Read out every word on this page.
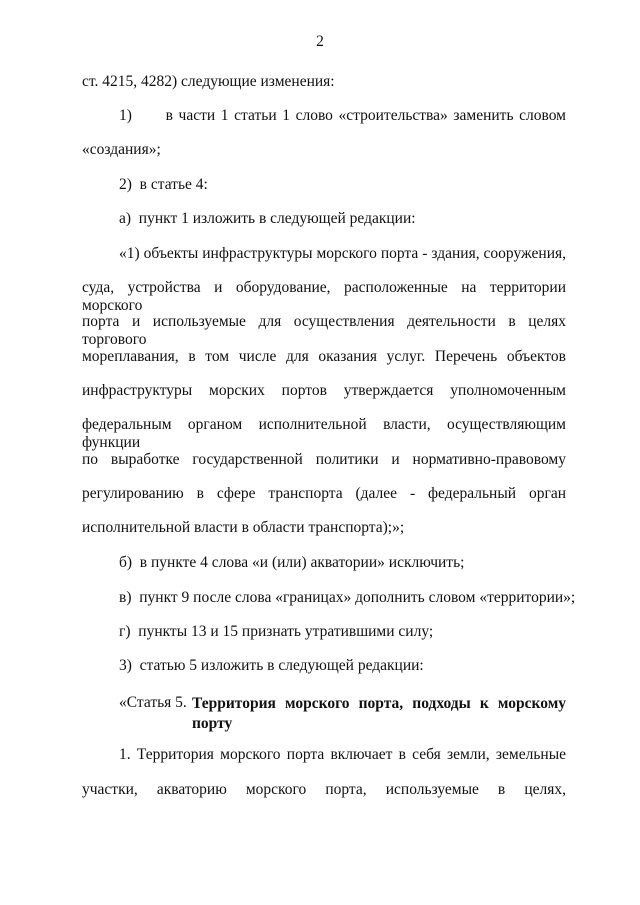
2
ст. 4215, 4282) следующие изменения:
1)      в части 1 статьи 1 слово «строительства» заменить словом
«создания»;
2)  в статье 4:
а)  пункт 1 изложить в следующей редакции:
«1) объекты инфраструктуры морского порта - здания, сооружения,
суда, устройства и оборудование, расположенные на территории морского
порта и используемые для осуществления деятельности в целях торгового
мореплавания, в том числе для оказания услуг. Перечень объектов
инфраструктуры морских портов утверждается уполномоченным
федеральным органом исполнительной власти, осуществляющим функции
по выработке государственной политики и нормативно-правовому
регулированию в сфере транспорта (далее - федеральный орган
исполнительной власти в области транспорта);»;
б)  в пункте 4 слова «и (или) акватории» исключить;
в)  пункт 9 после слова «границах» дополнить словом «территории»;
г)  пункты 13 и 15 признать утратившими силу;
3)  статью 5 изложить в следующей редакции:
«Статья 5. Территория морского порта, подходы к морскому
порту
1. Территория морского порта включает в себя земли, земельные
участки, акваторию морского порта, используемые в целях,
